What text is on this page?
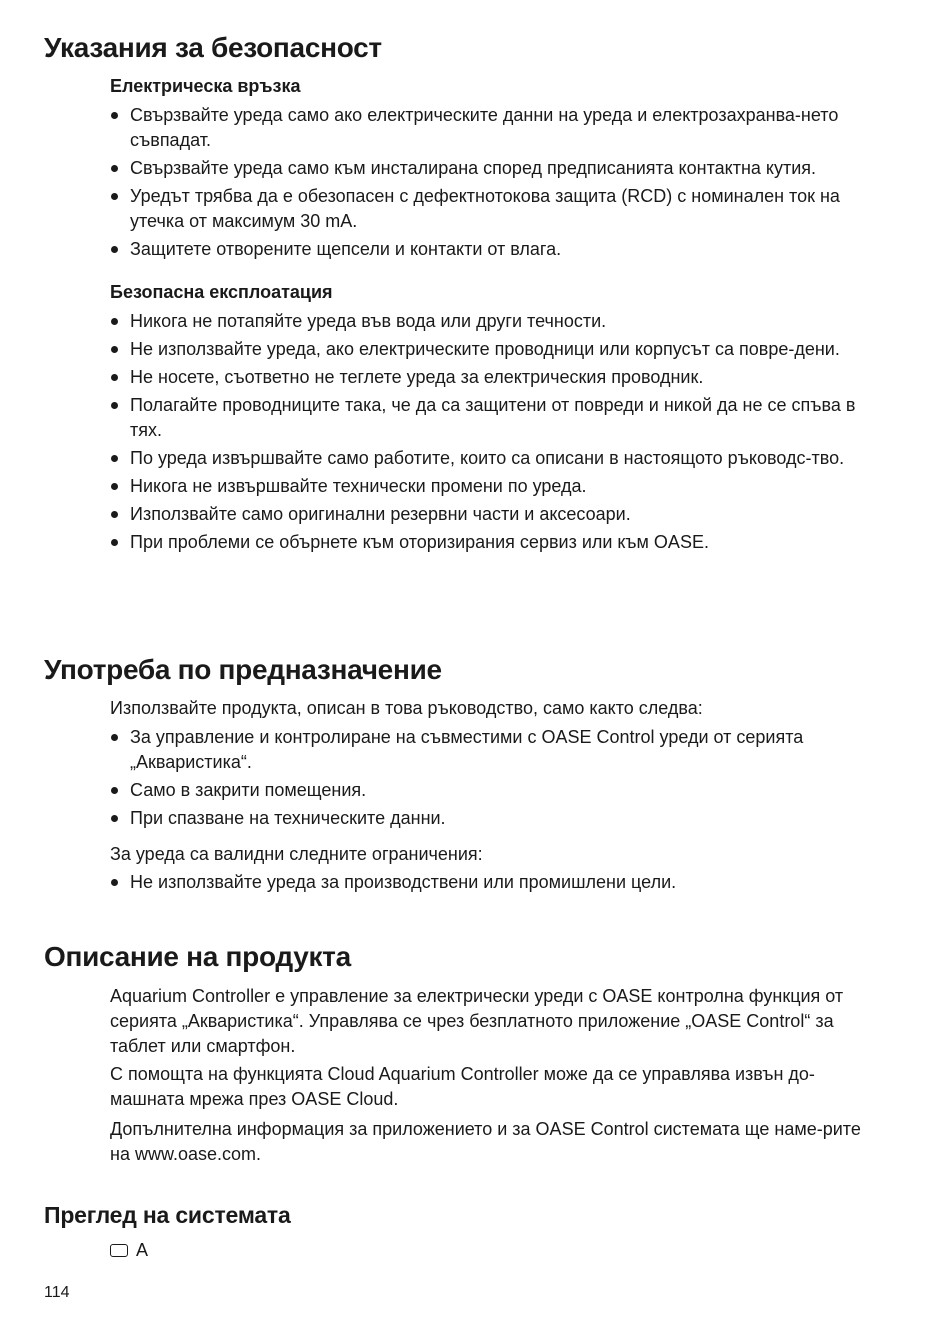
Указания за безопасност
Електрическа връзка
Свързвайте уреда само ако електрическите данни на уреда и електрозахранва-нето съвпадат.
Свързвайте уреда само към инсталирана според предписанията контактна кутия.
Уредът трябва да е обезопасен с дефектнотокова защита (RCD) с номинален ток на утечка от максимум 30 mA.
Защитете отворените щепсели и контакти от влага.
Безопасна експлоатация
Никога не потапяйте уреда във вода или други течности.
Не използвайте уреда, ако електрическите проводници или корпусът са повре-дени.
Не носете, съответно не теглете уреда за електрическия проводник.
Полагайте проводниците така, че да са защитени от повреди и никой да не се спъва в тях.
По уреда извършвайте само работите, които са описани в настоящото ръководс-тво.
Никога не извършвайте технически промени по уреда.
Използвайте само оригинални резервни части и аксесоари.
При проблеми се обърнете към оторизирания сервиз или към OASE.
Употреба по предназначение

Използвайте продукта, описан в това ръководство, само както следва:

За управление и контролиране на съвместими с OASE Control уреди от серията „Акваристика“.
Само в закрити помещения.
При спазване на техническите данни.

За уреда са валидни следните ограничения:

Не използвайте уреда за производствени или промишлени цели.
Описание на продукта

Aquarium Controller е управление за електрически уреди с OASE контролна функция от серията „Акваристика“. Управлява се чрез безплатното приложение „OASE Control“ за таблет или смартфон.

С помощта на функцията Cloud Aquarium Controller може да се управлява извън до-машната мрежа през OASE Cloud.

Допълнителна информация за приложението и за OASE Control системата ще наме-рите на www.oase.com.

Преглед на системата
A
114
